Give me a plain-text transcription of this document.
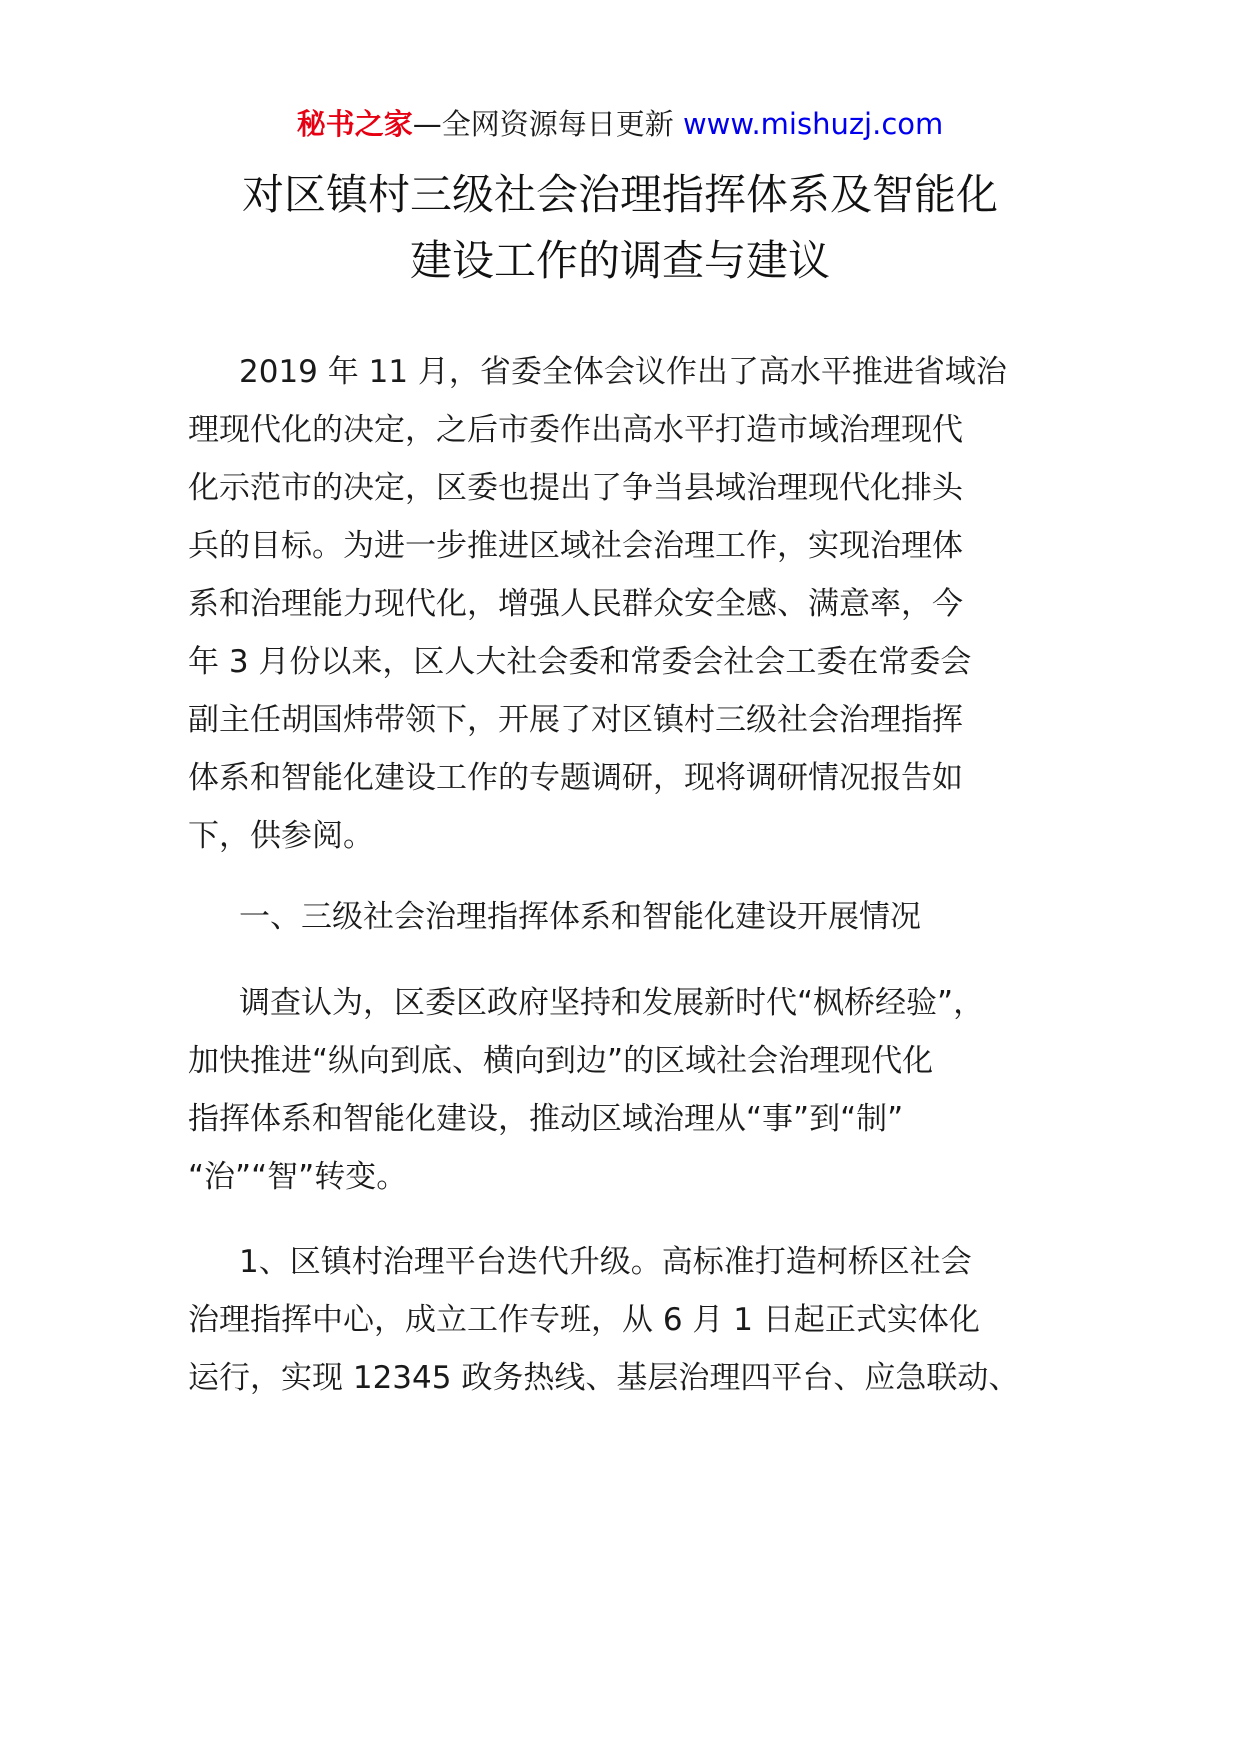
秘书之家—全网资源每日更新 www.mishuzj.com
对区镇村三级社会治理指挥体系及智能化
建设工作的调查与建议
2019 年 11 月，省委全体会议作出了高水平推进省域治
理现代化的决定，之后市委作出高水平打造市域治理现代
化示范市的决定，区委也提出了争当县域治理现代化排头
兵的目标。为进一步推进区域社会治理工作，实现治理体
系和治理能力现代化，增强人民群众安全感、满意率，今
年 3 月份以来，区人大社会委和常委会社会工委在常委会
副主任胡国炜带领下，开展了对区镇村三级社会治理指挥
体系和智能化建设工作的专题调研，现将调研情况报告如
下，供参阅。
一、三级社会治理指挥体系和智能化建设开展情况
调查认为，区委区政府坚持和发展新时代“枫桥经验”，
加快推进“纵向到底、横向到边”的区域社会治理现代化
指挥体系和智能化建设，推动区域治理从“事”到“制”
“治”“智”转变。
1、区镇村治理平台迭代升级。高标准打造柯桥区社会
治理指挥中心，成立工作专班，从 6 月 1 日起正式实体化
运行，实现 12345 政务热线、基层治理四平台、应急联动、
